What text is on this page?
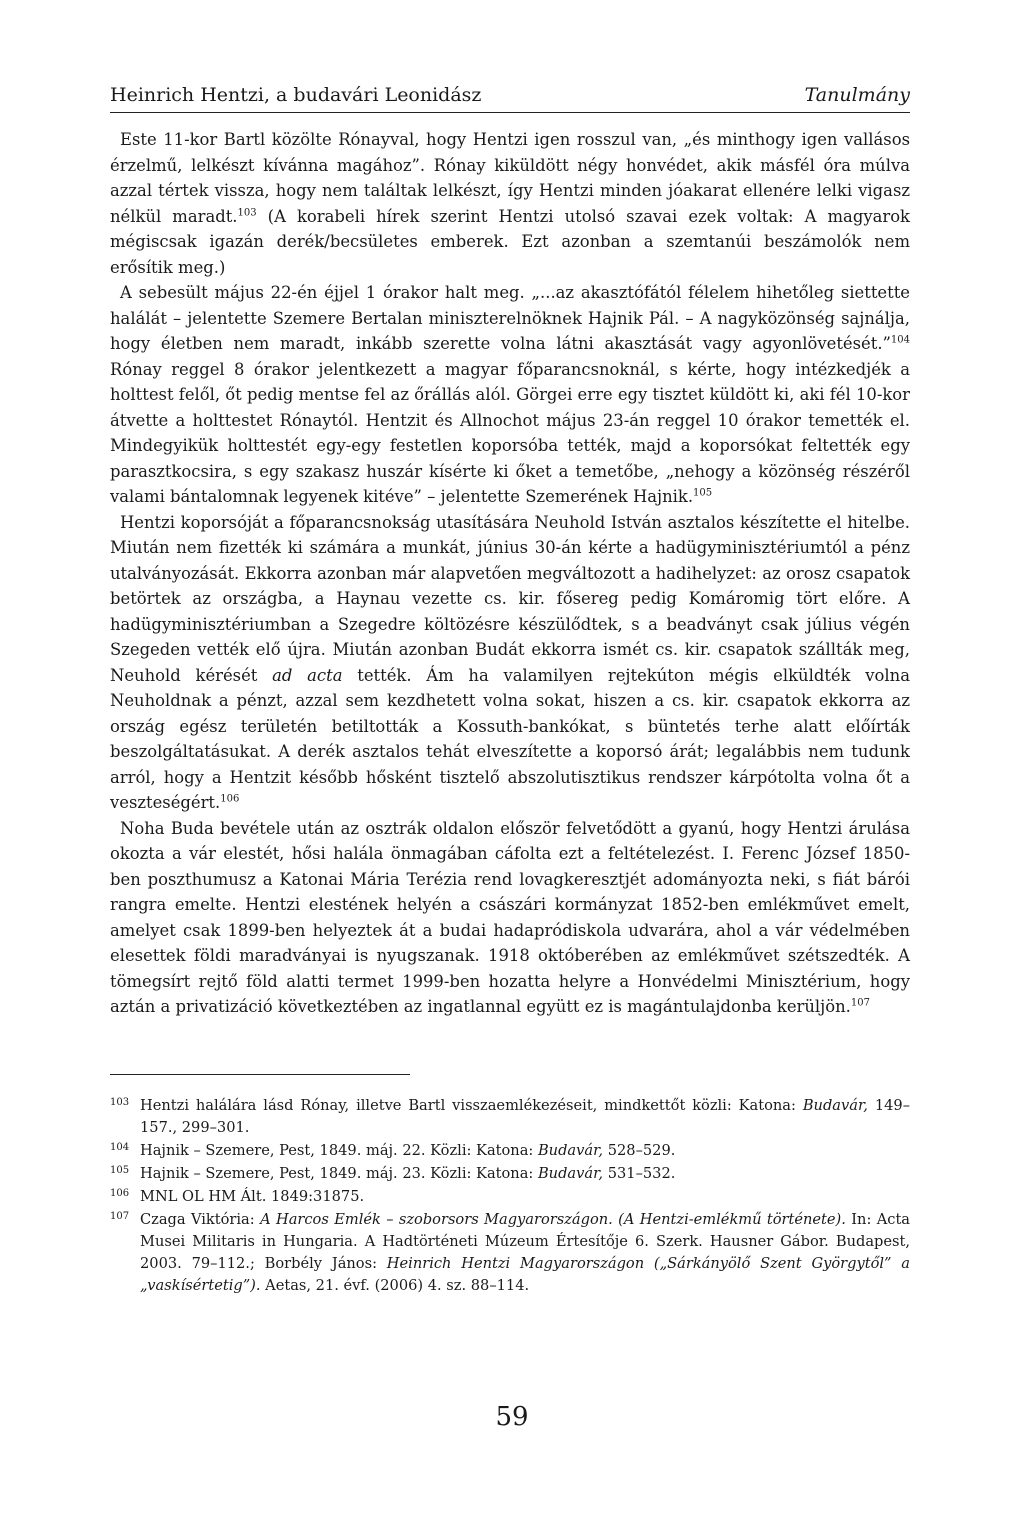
Heinrich Hentzi, a budavári Leonidász	Tanulmány

Este 11-kor Bartl közölte Rónayval, hogy Hentzi igen rosszul van, „és minthogy igen vallásos érzelmű, lelkészt kívánna magához”. Rónay kiküldött négy honvédet, akik másfél óra múlva azzal tértek vissza, hogy nem találtak lelkészt, így Hentzi minden jóakarat ellenére lelki vigasz nélkül maradt.$^{103}$ (A korabeli hírek szerint Hentzi utolsó szavai ezek voltak: A magyarok mégiscsak igazán derék/becsületes emberek. Ezt azonban a szemtanúi beszámolók nem erősítik meg.)

A sebesült május 22-én éjjel 1 órakor halt meg. „...az akasztófától félelem hihetőleg siettette halálát – jelentette Szemere Bertalan miniszterelnöknek Hajnik Pál. – A nagyközönség sajnálja, hogy életben nem maradt, inkább szerette volna látni akasztását vagy agyonlövetését.”$^{104}$ Rónay reggel 8 órakor jelentkezett a magyar főparancsnoknál, s kérte, hogy intézkedjék a holttest felől, őt pedig mentse fel az őrállás alól. Görgei erre egy tisztet küldött ki, aki fél 10-kor átvette a holttestet Rónaytól. Hentzit és Allnochot május 23-án reggel 10 órakor temették el. Mindegyikük holttestét egy-egy festetlen koporsóba tették, majd a koporsókat feltették egy parasztkocsira, s egy szakasz huszár kísérte ki őket a temetőbe, „nehogy a közönség részéről valami bántalomnak legyenek kitéve” – jelentette Szemerének Hajnik.$^{105}$

Hentzi koporsóját a főparancsnokság utasítására Neuhold István asztalos készítette el hitelbe. Miután nem fizették ki számára a munkát, június 30-án kérte a hadügyminisztériumtól a pénz utalványozását. Ekkorra azonban már alapvetően megváltozott a hadihelyzet: az orosz csapatok betörtek az országba, a Haynau vezette cs. kir. fősereg pedig Komáromig tört előre. A hadügyminisztériumban a Szegedre költözésre készülődtek, s a beadványt csak július végén Szegeden vették elő újra. Miután azonban Budát ekkorra ismét cs. kir. csapatok szállták meg, Neuhold kérését ad acta tették. Ám ha valamilyen rejtekúton mégis elküldték volna Neuholdnak a pénzt, azzal sem kezdhetett volna sokat, hiszen a cs. kir. csapatok ekkorra az ország egész területén betiltották a Kossuth-bankókat, s büntetés terhe alatt előírták beszolgáltatásukat. A derék asztalos tehát elveszítette a koporsó árát; legalábbis nem tudunk arról, hogy a Hentzit később hősként tisztelő abszolutisztikus rendszer kárpótolta volna őt a veszteségért.$^{106}$

Noha Buda bevétele után az osztrák oldalon először felvetődött a gyanú, hogy Hentzi árulása okozta a vár elestét, hősi halála önmagában cáfolta ezt a feltételezést. I. Ferenc József 1850-ben poszthumusz a Katonai Mária Terézia rend lovagkeresztjét adományozta neki, s fiát bárói rangra emelte. Hentzi elestének helyén a császári kormányzat 1852-ben emlékművet emelt, amelyet csak 1899-ben helyeztek át a budai hadapródiskola udvarára, ahol a vár védelmében elesettek földi maradványai is nyugszanak. 1918 októberében az emlékművet szétszedték. A tömegsírt rejtő föld alatti termet 1999-ben hozatta helyre a Honvédelmi Minisztérium, hogy aztán a privatizáció következtében az ingatlannal együtt ez is magántulajdonba kerüljön.$^{107}$

103 Hentzi halálára lásd Rónay, illetve Bartl visszaemlékezéseit, mindkettőt közli: Katona: Budavár, 149–157., 299–301.
104 Hajnik – Szemere, Pest, 1849. máj. 22. Közli: Katona: Budavár, 528–529.
105 Hajnik – Szemere, Pest, 1849. máj. 23. Közli: Katona: Budavár, 531–532.
106 MNL OL HM Ált. 1849:31875.
107 Czaga Viktória: A Harcos Emlék – szoborsors Magyarországon. (A Hentzi-emlékmű története). In: Acta Musei Militaris in Hungaria. A Hadtörténeti Múzeum Értesítője 6. Szerk. Hausner Gábor. Budapest, 2003. 79–112.; Borbély János: Heinrich Hentzi Magyarországon („Sárkányölő Szent Györgytől” a „vaskísértetig”). Aetas, 21. évf. (2006) 4. sz. 88–114.
59
